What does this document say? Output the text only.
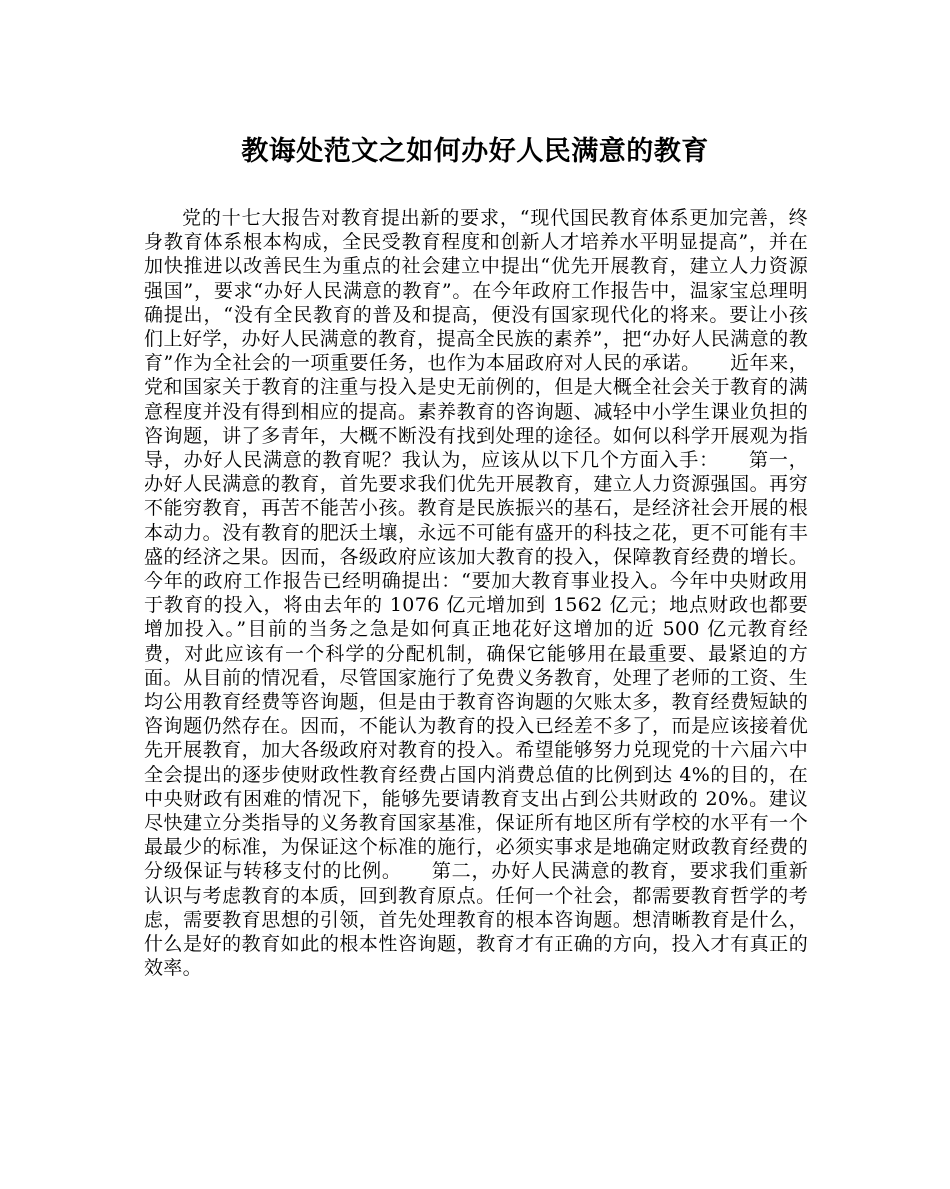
教诲处范文之如何办好人民满意的教育

党的十七大报告对教育提出新的要求，“现代国民教育体系更加完善，终身教育体系根本构成，全民受教育程度和创新人才培养水平明显提高”，并在加快推进以改善民生为重点的社会建立中提出“优先开展教育，建立人力资源强国”，要求“办好人民满意的教育”。在今年政府工作报告中，温家宝总理明确提出，“没有全民教育的普及和提高，便没有国家现代化的将来。要让小孩们上好学，办好人民满意的教育，提高全民族的素养”，把“办好人民满意的教育”作为全社会的一项重要任务，也作为本届政府对人民的承诺。　　近年来，党和国家关于教育的注重与投入是史无前例的，但是大概全社会关于教育的满意程度并没有得到相应的提高。素养教育的咨询题、减轻中小学生课业负担的咨询题，讲了多青年，大概不断没有找到处理的途径。如何以科学开展观为指导，办好人民满意的教育呢？我认为，应该从以下几个方面入手：　　第一，办好人民满意的教育，首先要求我们优先开展教育，建立人力资源强国。再穷不能穷教育，再苦不能苦小孩。教育是民族振兴的基石，是经济社会开展的根本动力。没有教育的肥沃土壤，永远不可能有盛开的科技之花，更不可能有丰盛的经济之果。因而，各级政府应该加大教育的投入，保障教育经费的增长。今年的政府工作报告已经明确提出：“要加大教育事业投入。今年中央财政用于教育的投入，将由去年的 1076 亿元增加到 1562 亿元；地点财政也都要增加投入。”目前的当务之急是如何真正地花好这增加的近 500 亿元教育经费，对此应该有一个科学的分配机制，确保它能够用在最重要、最紧迫的方面。从目前的情况看，尽管国家施行了免费义务教育，处理了老师的工资、生均公用教育经费等咨询题，但是由于教育咨询题的欠账太多，教育经费短缺的咨询题仍然存在。因而，不能认为教育的投入已经差不多了，而是应该接着优先开展教育，加大各级政府对教育的投入。希望能够努力兑现党的十六届六中全会提出的逐步使财政性教育经费占国内消费总值的比例到达 4%的目的，在中央财政有困难的情况下，能够先要请教育支出占到公共财政的 20%。建议尽快建立分类指导的义务教育国家基准，保证所有地区所有学校的水平有一个最最少的标准，为保证这个标准的施行，必须实事求是地确定财政教育经费的分级保证与转移支付的比例。　　第二，办好人民满意的教育，要求我们重新认识与考虑教育的本质，回到教育原点。任何一个社会，都需要教育哲学的考虑，需要教育思想的引领，首先处理教育的根本咨询题。想清晰教育是什么，什么是好的教育如此的根本性咨询题，教育才有正确的方向，投入才有真正的效率。
